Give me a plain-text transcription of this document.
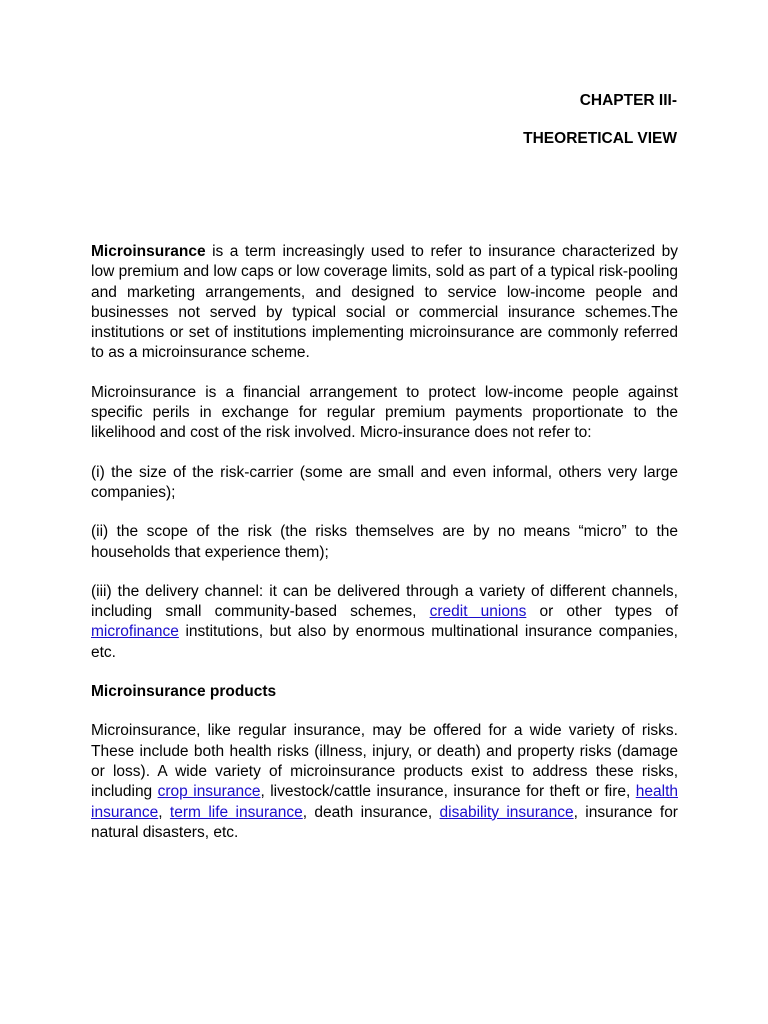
CHAPTER III-
THEORETICAL VIEW

Microinsurance is a term increasingly used to refer to insurance characterized by low premium and low caps or low coverage limits, sold as part of a typical risk-pooling and marketing arrangements, and designed to service low-income people and businesses not served by typical social or commercial insurance schemes.The institutions or set of institutions implementing microinsurance are commonly referred to as a microinsurance scheme.

Microinsurance is a financial arrangement to protect low-income people against specific perils in exchange for regular premium payments proportionate to the likelihood and cost of the risk involved. Micro-insurance does not refer to:

(i) the size of the risk-carrier (some are small and even informal, others very large companies);

(ii) the scope of the risk (the risks themselves are by no means “micro” to the households that experience them);

(iii) the delivery channel: it can be delivered through a variety of different channels, including small community-based schemes, credit unions or other types of microfinance institutions, but also by enormous multinational insurance companies, etc.

Microinsurance products

Microinsurance, like regular insurance, may be offered for a wide variety of risks. These include both health risks (illness, injury, or death) and property risks (damage or loss). A wide variety of microinsurance products exist to address these risks, including crop insurance, livestock/cattle insurance, insurance for theft or fire, health insurance, term life insurance, death insurance, disability insurance, insurance for natural disasters, etc.
